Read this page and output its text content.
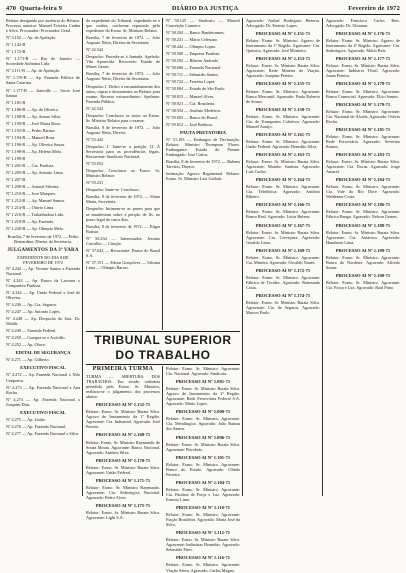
470 Quarta-feira 9	DIÁRIO DA JUSTIÇA	Fevereiro de 1972

Relator designado por ausência do Relator. Processo anterior: Manuel Teixeira Cunha e Silva. Procurador: Procurador Geral.

Nº 3.102 — Ap. de Apelação.

Nº 1.142-B

Nº 1.172-B

Nº 1.171-B — Rio de Janeiro — Sociedade Anônima Ltda.

Nº 3.111-B — Ap. de Apelação.

Nº 1.176-B — Ap. Fazenda Pública de Santa Catarina.

Nº 1.177-B — Joinville — Sócio José Itamar.

Nº 1.181-B

Nº 1.186-B — Ap. de Oliveira.

Nº 1.188-B — Ap. Amaro Silva.

Nº 1.190-B — José Maria Rosa.

Nº 1.193-B — Pedro Batista.

Nº 1.194-B — Manoel Rosa.

Nº 1.196-B — Ap. Oliveira Souza.

Nº 1.198-B — Ap. Heleno Melo.

Nº 1.199-B

Nº 1.201-B — Cia. Paulista.

Nº 1.205-B — Ap. Antonio Lima.

Nº 1.207-B

Nº 1.208-B — Amaral Silveira.

Nº 1.210-B — José Marques.

Nº 1.212-B — Ap. Manuel Santos.

Nº 1.214-B — Otávio Lima.

Nº 1.216-B — Trabalhadora Ltda.

Nº 1.218-B — Ap. Fazenda.

Nº 1.220-B — Ap. Olímpio Melo.

Brasília, 7 de fevereiro de 1972. — Pedro Bernardino, Diretor da Secretaria.

JULGAMENTOS DA 3ª VARA

EXPEDIENTE DO DIA 8 DE FEVEREIRO DE 1972

Nº 4.242 — Ap. Vicente Santos x Fazenda Nacional.

Nº 4.243 — Ap. Banco da Lavoura x Companhia Paulista.

Nº 4.244 — Ap. União Federal x José de Oliveira.

Nº 4.246 — Ap. Cia. Seguros.

Nº 4.247 — Ap. Antonio Lopes.

Nº 4.248 — Ap. Despacho do Juiz. Dr. Waldir.

Nº 4.249 — Fazenda Federal.

Nº 4.250 — Cumpra-se o Acórdão.

Nº 4.252 — Ap. Olavo.

EDITAL DE SEGURANÇA

Nº 4.271 — Ap. Gilberto.

EXECUTIVO FISCAL

Nº 4.272 — Ap. Fazenda Nacional x Nilo Cerqueira.

Nº 4.273 — Ap. Fazenda Nacional x Ana Rocha.

Nº 4.274 — Ap. Fazenda Nacional x Joaquim Dias.

EXECUTIVO FISCAL

Nº 4.275 — Ap. União.

Nº 4.276 — Ap. Fazenda Nacional.

Nº 4.277 — Ap. Fazenda Nacional x Silva.

do expediente do Tribunal, expedindo-se o que couber, conforme reportado pelo expediente do Exmo. Sr. Ministro Relator.

Brasília, 7 de fevereiro de 1972. — João Augusto Netto, Diretor da Secretaria.

Nº 42.542

Despacho: Proceda-se à Juntada. Apelado: Vila Aparecida. Recorrido: Estado de Minas Gerais.

Brasília, 7 de fevereiro de 1972. — João Augusto Netto, Diretor da Secretaria.

Despacho: I. Defiro o encaminhamento dos autos, cópias e documentos ao Relator para exame. Recurso extraordinário. Apelante: Fazenda Pública.

Nº 42.542

Despacho: Conclusos os autos ao Exmo. Sr. Ministro Relator para o exame.

Brasília, 8 de fevereiro de 1972. — João Augusto Netto, Diretor.

Nº 53.442

Despacho: I. Junte-se a petição. II. À Secretaria para as providências legais. Recorrente: Sindicato Nacional.

Nº 55.052

Despacho: Conclusos ao Exmo. Sr. Ministro Relator.

Nº 55.231

Despacho: Junte-se. Conclusos.

Brasília, 8 de fevereiro de 1972. — Sônia Maria, Secretária.

Despacho: Intimem-se as partes para que se manifestem sobre a petição de fls. no prazo legal de cinco dias.

Brasília, 8 de fevereiro de 1972. — Edgar Batista.

Nº 56.234 — Interessados: Jesuíno Carvalho — Citação.

Nº 57.042 — Recorrente: Banco do Brasil S.A.

Nº 57.151 — Edson Gonçalves — Silvana Lima — Olímpio Barros.

TURMA — ABERTURA DOS TRABALHOS. Em sessão ordinária presidida pelo Exmo. Sr. Ministro, realizou-se o julgamento dos processos abaixo.

PROCESSO AI Nº 1.132-71

Relator: Exmo. Sr. Ministro Barata Silva. Agravo de Instrumento da 1ª Região. Agravante: Cia. Industrial. Agravado: José Pereira.

PROCESSO AI Nº 1.168-71

Relator: Exmo. Sr. Ministro Raymundo de Souza Moura. Agravante: Banco Nacional. Agravado: Antônio Silva.

PROCESSO AI Nº 1.170-71

Relator: Exmo. Sr. Ministro Barata Silva. Agravante: União Federal.

PROCESSO AI Nº 1.171-71

Relator: Exmo. Sr. Ministro Raymundo. Agravante: Cia. Siderúrgica Nacional. Agravado: Pedro Alves.

PROCESSO AI Nº 1.175-71

Relator: Exmo. Sr. Ministro Barata Silva. Agravante: Light S.A.

Nº 58.125 — Sindicato — Manoel Conceição Carneiro.

Nº 58.204 — Banco Bandeirantes.

Nº 58.231 — Mário Celestino.

Nº 58.442 — Olímpio Lopes.

Nº 58.580 — Empresa Paulista.

Nº 58.592 — Ribeiro Andrade.

Nº 58.606 — Fazenda Nacional.

Nº 58.711 — Sebastião Santos.

Nº 58.722 — Ferreira Lopes.

Nº 58.804 — Estado de São Paulo.

Nº 58.815 — Manoel Alves.

Nº 58.921 — Cia. Brasileira.

Nº 58.934 — Antônio Medeiros.

Nº 59.003 — Banco do Brasil.

Nº 59.012 — José Barbosa.

PAUTA PRETATORIA

Nº 51.183 — Embargos de Declaração. Relator: Ministro Thompson Flores. Embargante: Estado do Paraná. Embargado: José Carlos.

Brasília, 8 de fevereiro de 1972. — Rubens Tarcísio, Diretor.

Intimação: Agravo Regimental. Relator: Exmo. Sr. Ministro Luiz Gallotti.

Relator: Exmo. Sr. Ministro. Agravante: Cia. Nacional. Agravado: Sindicato.

PROCESSO AI Nº 1.081-71

Relator: Exmo. Sr. Ministro Barata Silva. Agravo de Instrumento da 2ª Região. Agravante: Rede Ferroviária Federal S.A. Agravado: Mário Lopes.

PROCESSO AI Nº 1.090-71

Relator: Exmo. Sr. Ministro. Agravante: Cia. Metalúrgica. Agravado: João Batista dos Santos.

PROCESSO AI Nº 1.096-71

Relator: Exmo. Sr. Ministro Barata Silva. Agravante: Petrobrás.

PROCESSO AI Nº 1.101-71

Relator: Exmo. Sr. Ministro. Agravante: Banco do Estado. Agravado: Olinda Ferreira.

PROCESSO AI Nº 1.104-71

Relator: Exmo. Sr. Ministro. Agravante: Cia. Paulista de Força e Luz. Agravado: Ernesto Lima.

PROCESSO AI Nº 1.110-71

Relator: Exmo. Sr. Ministro. Agravante: Fiação Brasileira. Agravado: Maria José da Silva.

PROCESSO AI Nº 1.112-71

Relator: Exmo. Sr. Ministro Barata Silva. Agravante: Indústrias Reunidas. Agravado: Sebastião Pires.

PROCESSO AI Nº 1.116-71

Relator: Exmo. Sr. Ministro. Agravante: Viação Aérea. Agravado: Carlos Magno.

Agravado: Anibal Rodrigues Bezerra. Advogado: Dr. Ernesto Lopes.

PROCESSO AI Nº 1.151-71

Relator: Exmo. Sr. Ministro. Agravo de Instrumento da 1ª Região. Agravante: Cia. Química. Agravado: José Monteiro.

PROCESSO AI Nº 1.153-71

Relator: Exmo. Sr. Ministro Barata Silva. Agravante: Rede Mineira de Viação. Agravado: Joaquim Pereira.

PROCESSO AI Nº 1.155-71

Relator: Exmo. Sr. Ministro. Agravante: Banco Mercantil. Agravado: Paulo Roberto de Souza.

PROCESSO AI Nº 1.158-71

Relator: Exmo. Sr. Ministro. Agravante: Cia. de Transportes Coletivos. Agravado: Manoel Araújo.

PROCESSO AI Nº 1.161-71

Relator: Exmo. Sr. Ministro. Agravante: União Federal. Agravado: Benedito Silva.

PROCESSO AI Nº 1.163-71

Relator: Exmo. Sr. Ministro Barata Silva. Agravante: Moinho Santista. Agravado: Luís Carlos.

PROCESSO AI Nº 1.164-71

Relator: Exmo. Sr. Ministro. Agravante: Cia. Telefônica. Agravado: Antônio Ribeiro.

PROCESSO AI Nº 1.166-71

Relator: Exmo. Sr. Ministro. Agravante: Banco Real. Agravado: Lúcia Helena.

PROCESSO AI Nº 1.167-71

Relator: Exmo. Sr. Ministro Barata Silva. Agravante: Cia. Cervejaria. Agravado: Geraldo Lima.

PROCESSO AI Nº 1.169-71

Relator: Exmo. Sr. Ministro. Agravante: Cia. Mineira. Agravado: Osvaldo Nunes.

PROCESSO AI Nº 1.172-71

Relator: Exmo. Sr. Ministro. Agravante: Fábrica de Tecidos. Agravado: Raimundo Costa.

PROCESSO AI Nº 1.174-71

Relator: Exmo. Sr. Ministro Barata Silva. Agravante: Cia. de Seguros. Agravado: Marcos Paulo.

Agravado: Francisco Carlos Reis. Advogado: Dr. Ubiratan.

PROCESSO AI Nº 1.176-71

Relator: Exmo. Sr. Ministro. Agravo de Instrumento da 4ª Região. Agravante: Cia. Siderúrgica. Agravado: Mário Reis.

PROCESSO AI Nº 1.177-71

Relator: Exmo. Sr. Ministro Barata Silva. Agravante: Indústria Têxtil. Agravado: Joana Pereira.

PROCESSO AI Nº 1.178-71

Relator: Exmo. Sr. Ministro. Agravante: Banco Comercial. Agravado: Élcio Santos.

PROCESSO AI Nº 1.179-71

Relator: Exmo. Sr. Ministro. Agravante: Cia. Nacional de Álcalis. Agravado: Otávio Rocha.

PROCESSO AI Nº 1.181-71

Relator: Exmo. Sr. Ministro. Agravante: Rede Ferroviária. Agravado: Severino Ramos.

PROCESSO AI Nº 1.183-71

Relator: Exmo. Sr. Ministro Barata Silva. Agravante: Cia. Docas. Agravado: Jorge Amaral.

PROCESSO AI Nº 1.184-71

Relator: Exmo. Sr. Ministro. Agravante: Cia. Vale do Rio Doce. Agravado: Waldemar Costa.

PROCESSO AI Nº 1.186-71

Relator: Exmo. Sr. Ministro. Agravante: Fábrica Bangu. Agravado: Nelson Gomes.

PROCESSO AI Nº 1.188-71

Relator: Exmo. Sr. Ministro Barata Silva. Agravante: Cia. Antártica. Agravado: Humberto Lima.

PROCESSO AI Nº 1.189-71

Relator: Exmo. Sr. Ministro. Agravante: Banco do Nordeste. Agravado: Alfredo Souza.

PROCESSO AI Nº 1.190-71

Relator: Exmo. Sr. Ministro. Agravante: Cia. Força e Luz. Agravado: Raul Pinto.

TRIBUNAL SUPERIOR
DO TRABALHO
PRIMEIRA TURMA
